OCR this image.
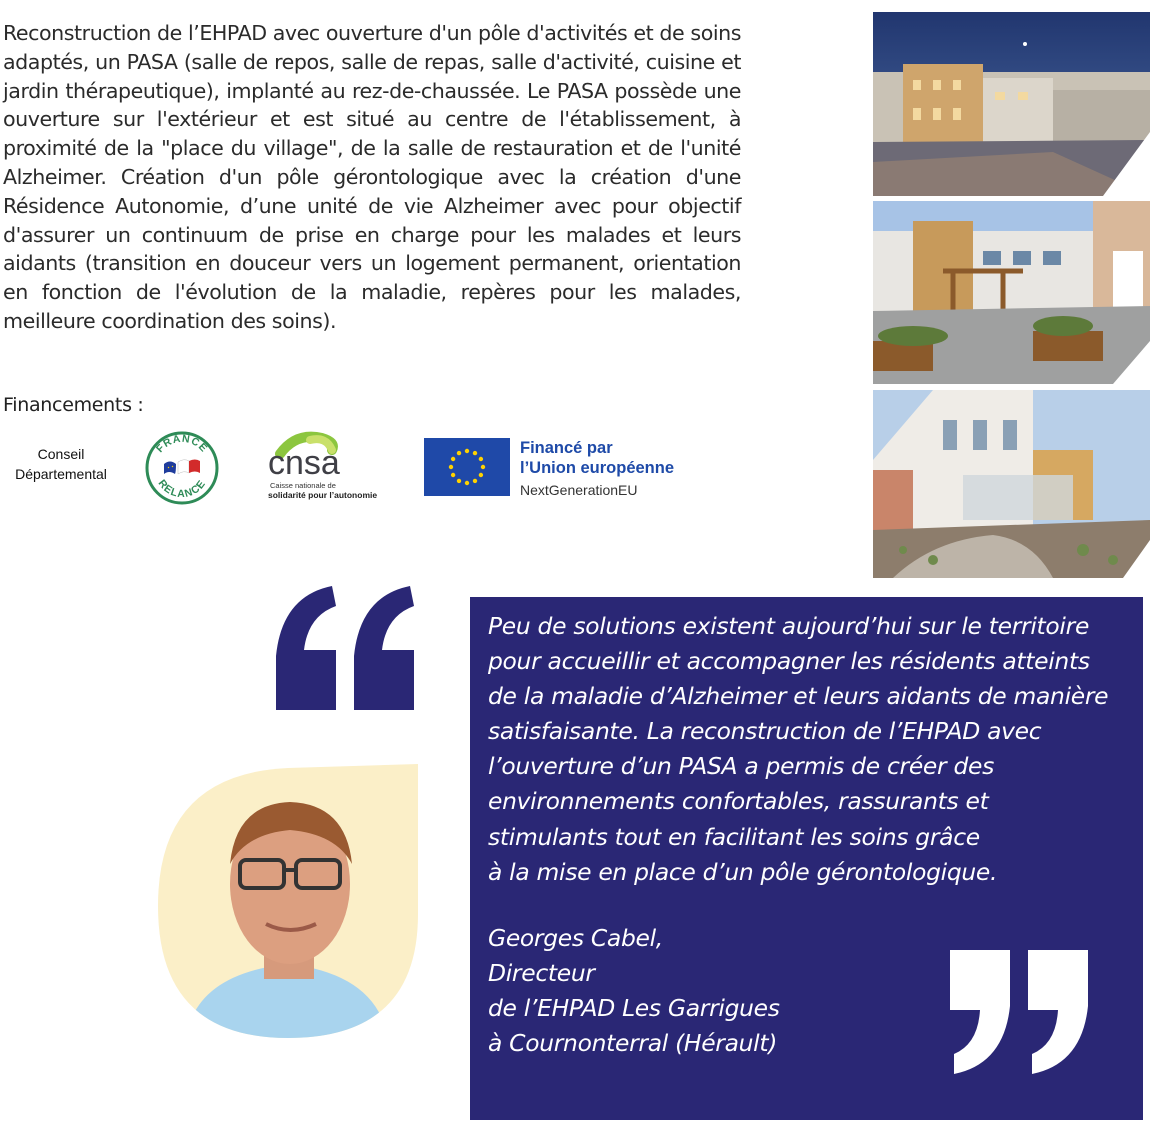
Reconstruction de l’EHPAD avec ouverture d'un pôle d'activités et de soins adaptés, un PASA (salle de repos, salle de repas, salle d'activité, cuisine et jardin thérapeutique), implanté au rez-de-chaussée. Le PASA possède une ouverture sur l'extérieur et est situé au centre de l'établissement, à proximité de la "place du village", de la salle de restauration et de l'unité Alzheimer. Création d'un pôle gérontologique avec la création d'une Résidence Autonomie, d’une unité de vie Alzheimer avec pour objectif d'assurer un continuum de prise en charge pour les malades et leurs aidants (transition en douceur vers un logement permanent, orientation en fonction de l'évolution de la maladie, repères pour les malades, meilleure coordination des soins).

Financements :
Conseil
Départemental
FRANCE
RELANCE
cnsa
Caisse nationale de
solidarité pour l’autonomie
Financé par
l’Union européenne
NextGenerationEU
Peu de solutions existent aujourd’hui sur le territoire
pour accueillir et accompagner les résidents atteints
de la maladie d’Alzheimer et leurs aidants de manière
satisfaisante. La reconstruction de l’EHPAD avec
l’ouverture d’un PASA a permis de créer des
environnements confortables, rassurants et
stimulants tout en facilitant les soins grâce
à la mise en place d’un pôle gérontologique.
Georges Cabel,
Directeur
de l’EHPAD Les Garrigues
à Cournonterral (Hérault)
